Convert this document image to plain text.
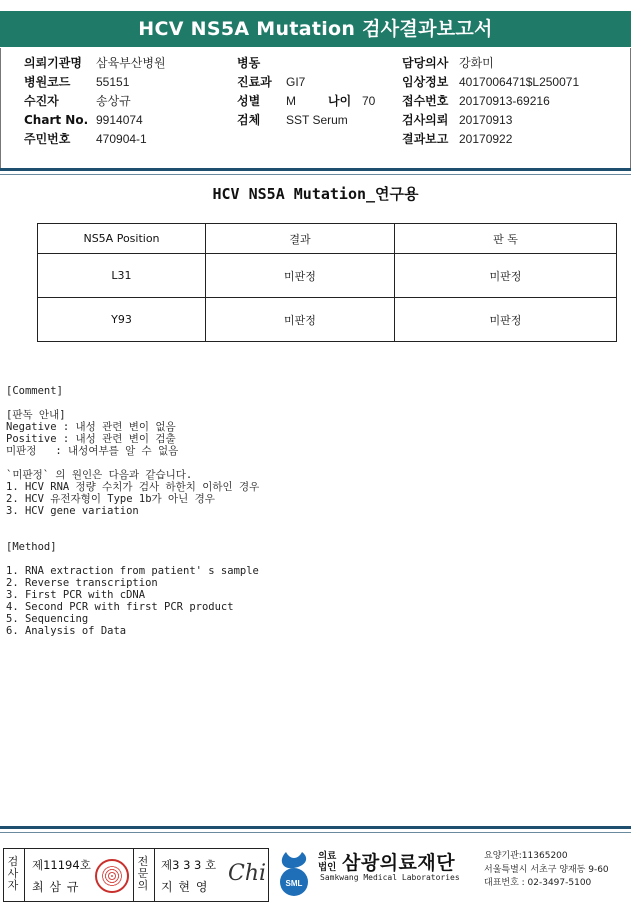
HCV NS5A Mutation 검사결과보고서
의뢰기관명 삼육부산병원
병원코드 55151
수진자	송상규
Chart No. 9914074
주민번호 470904-1
병동
진료과 GI7
성별 M	나이 70
검체 SST Serum
담당의사 강화미
임상정보 4017006471$L250071
접수번호 20170913-69216
검사의뢰 20170913
결과보고 20170922
HCV NS5A Mutation_연구용
NS5A Position	결과	판 독
L31	미판정	미판정
Y93	미판정	미판정
[Comment]

[판독 안내]
Negative : 내성 관련 변이 없음
Positive : 내성 관련 변이 검출
미판정   : 내성여부를 알 수 없음

`미판정` 의 원인은 다음과 같습니다.
1. HCV RNA 정량 수치가 검사 하한치 이하인 경우
2. HCV 유전자형이 Type 1b가 아닌 경우
3. HCV gene variation
[Method]

1. RNA extraction from patient' s sample
2. Reverse transcription
3. First PCR with cDNA
4. Second PCR with first PCR product
5. Sequencing
6. Analysis of Data
검사자
제11194호
최 삼 규
전문의
제3 3 3 호
지 현 영
Chi SML
의료
법인 삼광의료재단
Samkwang Medical Laboratories
요양기관:11365200
서울특별시 서초구 양재동 9-60
대표번호 : 02-3497-5100
